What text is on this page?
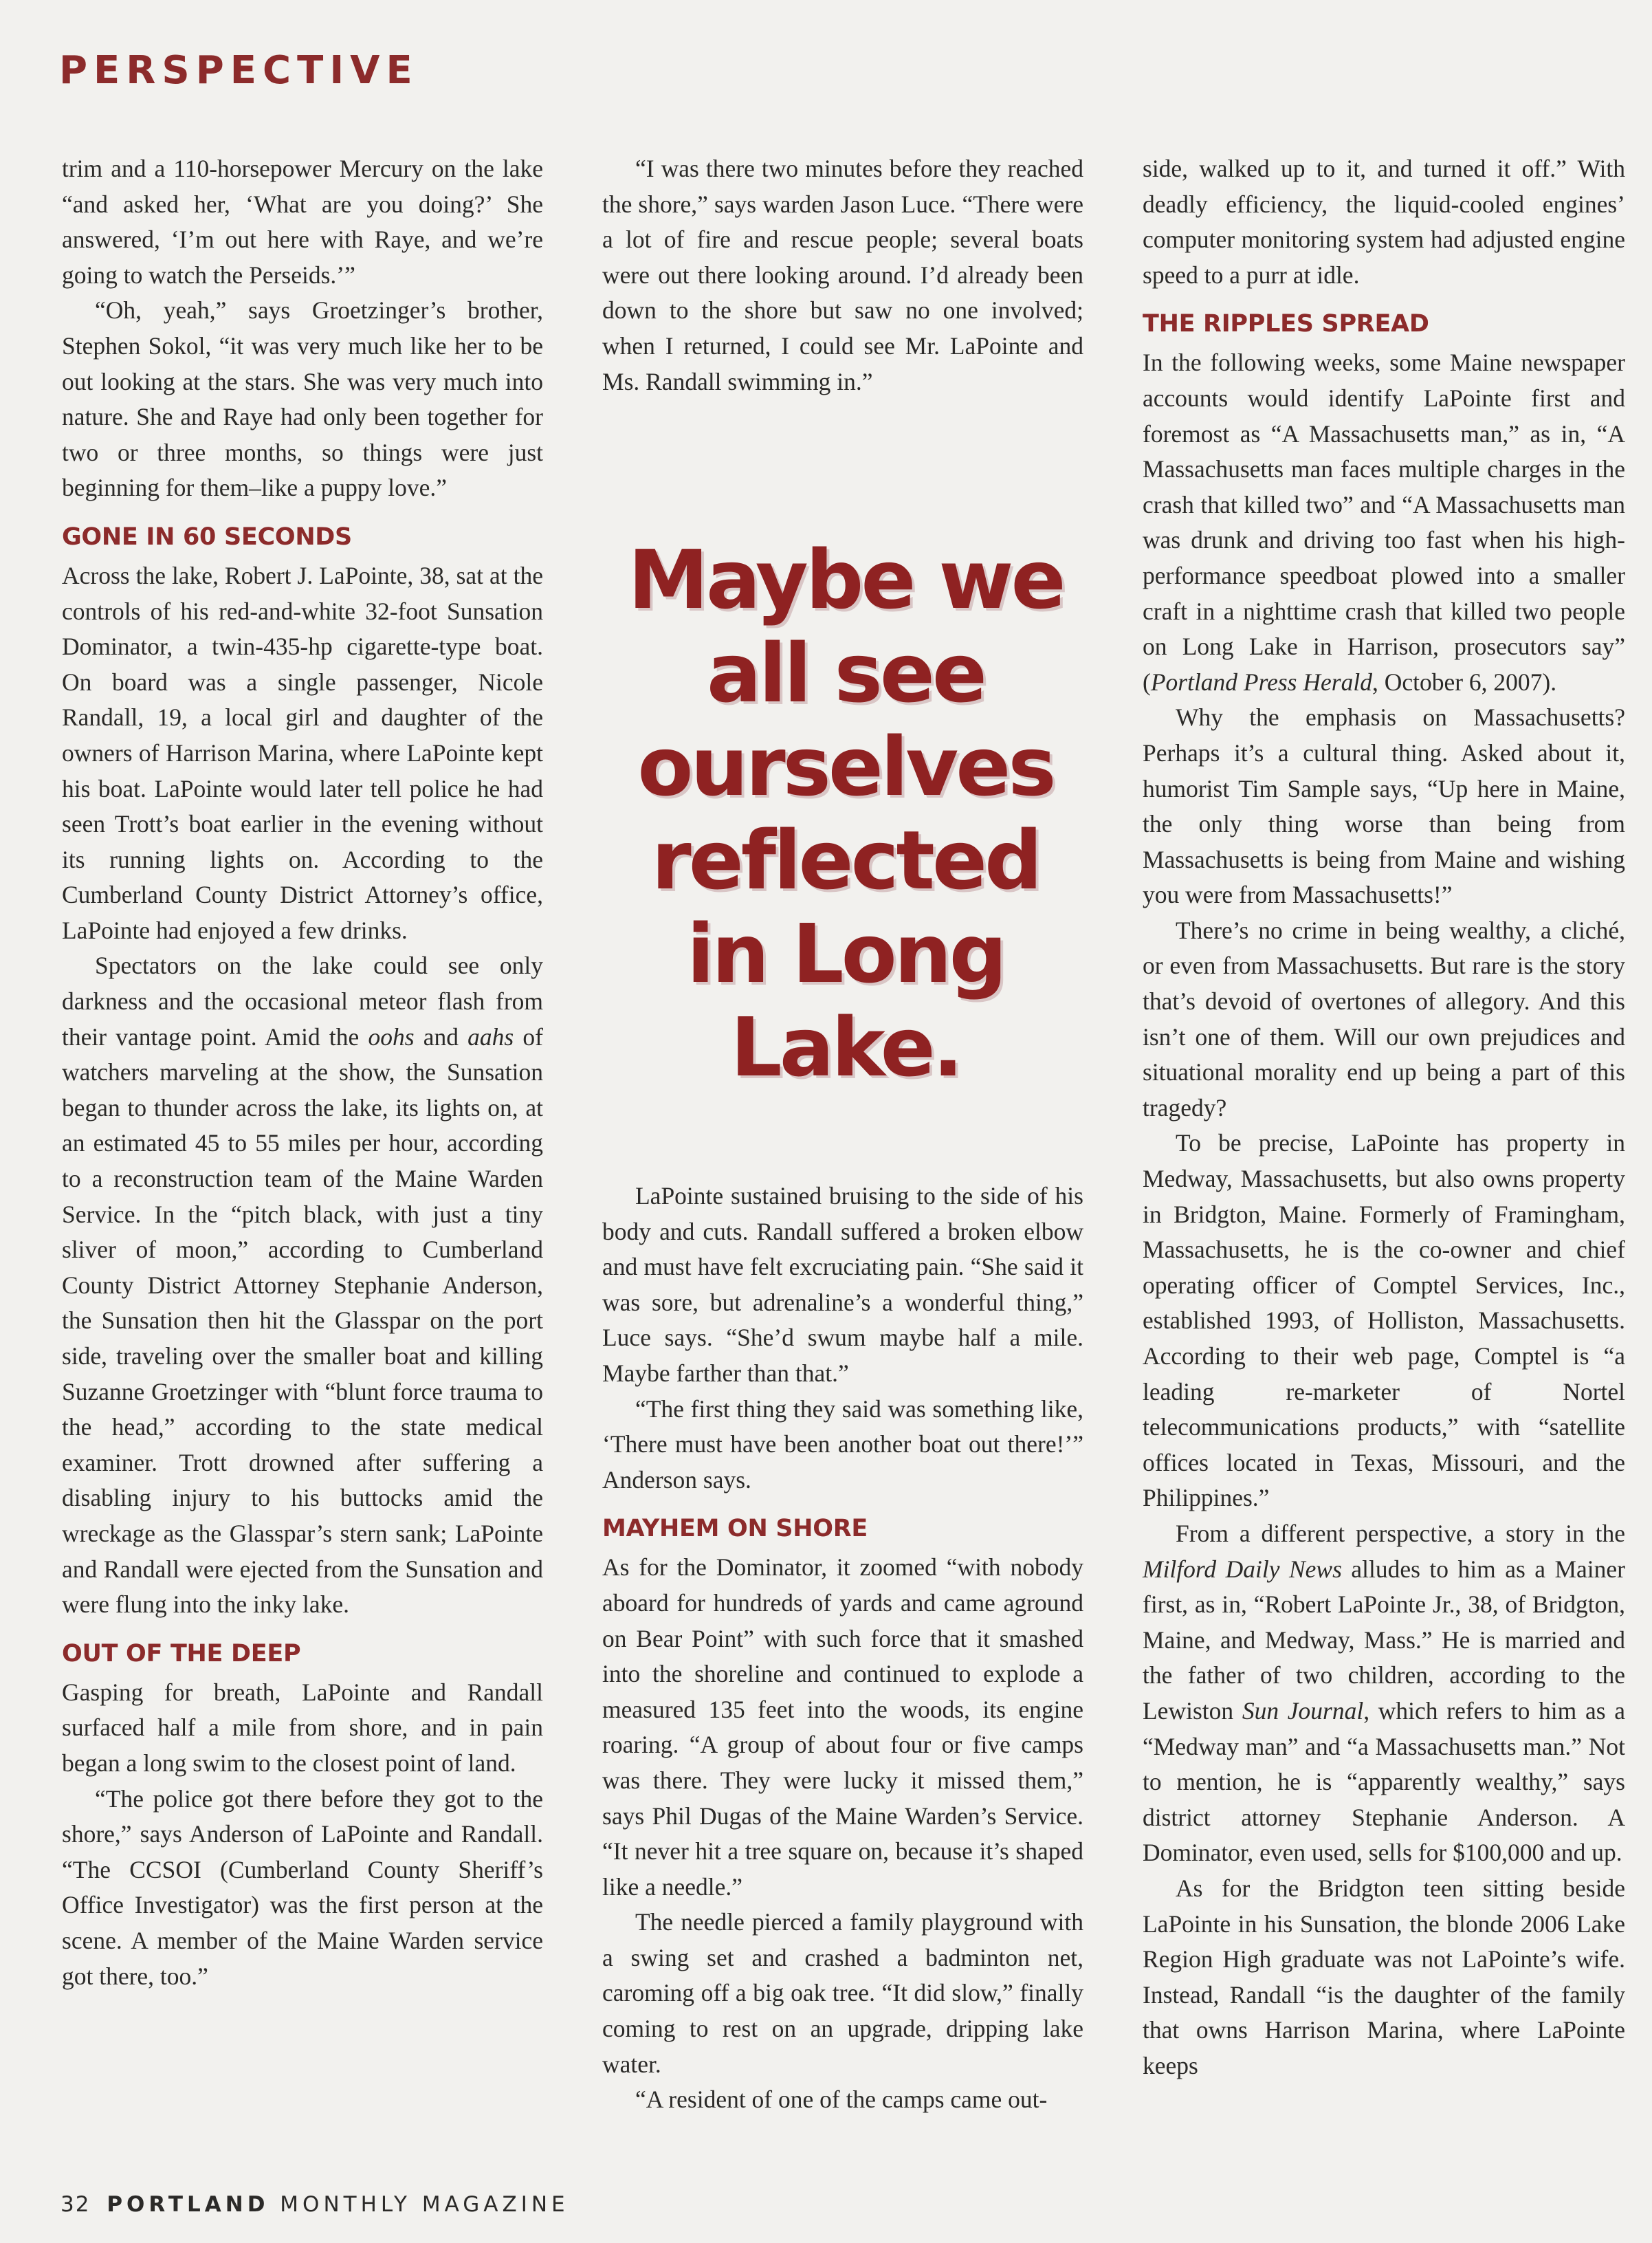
PERSPECTIVE

trim and a 110-horsepower Mercury on the lake “and asked her, ‘What are you doing?’ She answered, ‘I’m out here with Raye, and we’re going to watch the Perseids.’”

“Oh, yeah,” says Groetzinger’s brother, Stephen Sokol, “it was very much like her to be out looking at the stars. She was very much into nature. She and Raye had only been together for two or three months, so things were just beginning for them–like a puppy love.”

GONE IN 60 SECONDS

Across the lake, Robert J. LaPointe, 38, sat at the controls of his red-and-white 32-foot Sunsation Dominator, a twin-435-hp cigarette-type boat. On board was a single passenger, Nicole Randall, 19, a local girl and daughter of the owners of Harrison Marina, where LaPointe kept his boat. LaPointe would later tell police he had seen Trott’s boat earlier in the evening without its running lights on. According to the Cumberland County District Attorney’s office, LaPointe had enjoyed a few drinks.

Spectators on the lake could see only darkness and the occasional meteor flash from their vantage point. Amid the oohs and aahs of watchers marveling at the show, the Sunsation began to thunder across the lake, its lights on, at an estimated 45 to 55 miles per hour, according to a reconstruction team of the Maine Warden Service. In the “pitch black, with just a tiny sliver of moon,” according to Cumberland County District Attorney Stephanie Anderson, the Sunsation then hit the Glasspar on the port side, traveling over the smaller boat and killing Suzanne Groetzinger with “blunt force trauma to the head,” according to the state medical examiner. Trott drowned after suffering a disabling injury to his buttocks amid the wreckage as the Glasspar’s stern sank; LaPointe and Randall were ejected from the Sunsation and were flung into the inky lake.

OUT OF THE DEEP

Gasping for breath, LaPointe and Randall surfaced half a mile from shore, and in pain began a long swim to the closest point of land.

“The police got there before they got to the shore,” says Anderson of LaPointe and Randall. “The CCSOI (Cumberland County Sheriff’s Office Investigator) was the first person at the scene. A member of the Maine Warden service got there, too.”

“I was there two minutes before they reached the shore,” says warden Jason Luce. “There were a lot of fire and rescue people; several boats were out there looking around. I’d already been down to the shore but saw no one involved; when I returned, I could see Mr. LaPointe and Ms. Randall swimming in.”

Maybe we all see ourselves reflected in Long Lake.

LaPointe sustained bruising to the side of his body and cuts. Randall suffered a broken elbow and must have felt excruciating pain. “She said it was sore, but adrenaline’s a wonderful thing,” Luce says. “She’d swum maybe half a mile. Maybe farther than that.”

“The first thing they said was something like, ‘There must have been another boat out there!’” Anderson says.

MAYHEM ON SHORE

As for the Dominator, it zoomed “with nobody aboard for hundreds of yards and came aground on Bear Point” with such force that it smashed into the shoreline and continued to explode a measured 135 feet into the woods, its engine roaring. “A group of about four or five camps was there. They were lucky it missed them,” says Phil Dugas of the Maine Warden’s Service. “It never hit a tree square on, because it’s shaped like a needle.”

The needle pierced a family playground with a swing set and crashed a badminton net, caroming off a big oak tree. “It did slow,” finally coming to rest on an upgrade, dripping lake water.

“A resident of one of the camps came out-

side, walked up to it, and turned it off.” With deadly efficiency, the liquid-cooled engines’ computer monitoring system had adjusted engine speed to a purr at idle.

THE RIPPLES SPREAD

In the following weeks, some Maine newspaper accounts would identify LaPointe first and foremost as “A Massachusetts man,” as in, “A Massachusetts man faces multiple charges in the crash that killed two” and “A Massachusetts man was drunk and driving too fast when his high-performance speedboat plowed into a smaller craft in a nighttime crash that killed two people on Long Lake in Harrison, prosecutors say” (Portland Press Herald, October 6, 2007).

Why the emphasis on Massachusetts? Perhaps it’s a cultural thing. Asked about it, humorist Tim Sample says, “Up here in Maine, the only thing worse than being from Massachusetts is being from Maine and wishing you were from Massachusetts!”

There’s no crime in being wealthy, a cliché, or even from Massachusetts. But rare is the story that’s devoid of overtones of allegory. And this isn’t one of them. Will our own prejudices and situational morality end up being a part of this tragedy?

To be precise, LaPointe has property in Medway, Massachusetts, but also owns property in Bridgton, Maine. Formerly of Framingham, Massachusetts, he is the co-owner and chief operating officer of Comptel Services, Inc., established 1993, of Holliston, Massachusetts. According to their web page, Comptel is “a leading re-marketer of Nortel telecommunications products,” with “satellite offices located in Texas, Missouri, and the Philippines.”

From a different perspective, a story in the Milford Daily News alludes to him as a Mainer first, as in, “Robert LaPointe Jr., 38, of Bridgton, Maine, and Medway, Mass.” He is married and the father of two children, according to the Lewiston Sun Journal, which refers to him as a “Medway man” and “a Massachusetts man.” Not to mention, he is “apparently wealthy,” says district attorney Stephanie Anderson. A Dominator, even used, sells for $100,000 and up.

As for the Bridgton teen sitting beside LaPointe in his Sunsation, the blonde 2006 Lake Region High graduate was not LaPointe’s wife. Instead, Randall “is the daughter of the family that owns Harrison Marina, where LaPointe keeps

32 PORTLAND MONTHLY MAGAZINE
